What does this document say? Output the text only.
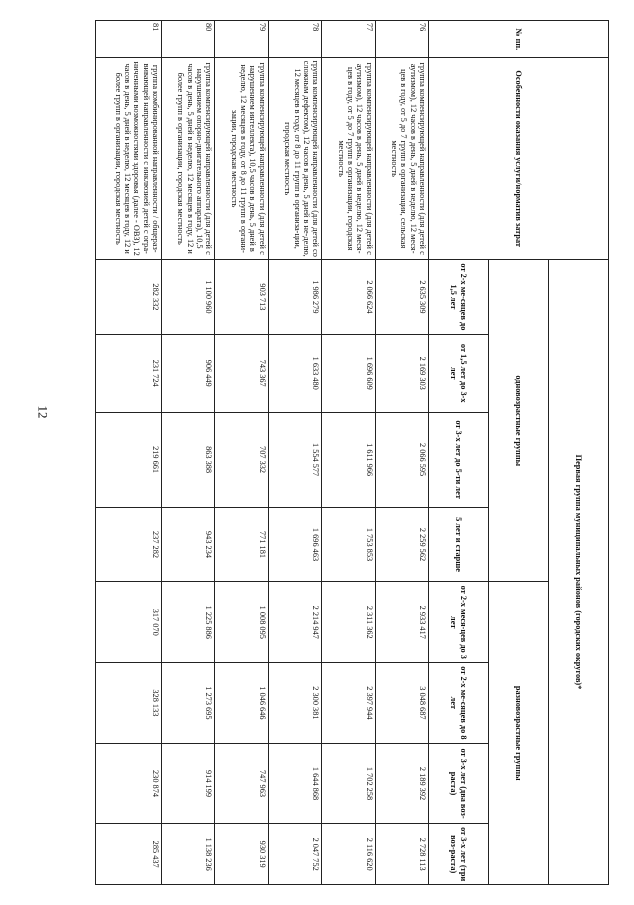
12
№ пп.	Особенности оказания услуги/норматив затрат	Первая группа муниципальных районов (городских округов)*							
		одновозрастные группы				разновозрастные группы			
		от 2-х ме-сяцев до 1,5 лет	от 1,5 лет до 3-х лет	от 3-х лет до 5-ти лет	5 лет и старше	от 2-х меся-цев до 3 лет	от 2-х ме-сяцев до 8 лет	от 3-х лет (два воз-раста)	от 3-х лет (три воз-раста)
76	группа компенсирующей направленности (для детей с аутизмом), 12 часов в день, 5 дней в неделю, 12 меся-цев в году, от 5 до 7 групп в организации, сельская местность	2 635 309	2 169 303	2 066 595	2 259 562	2 933 417	3 048 687	2 189 392	2 728 113
77	группа компенсирующей направленности (для детей с аутизмом), 12 часов в день, 5 дней в неделю, 12 меся-цев в году, от 5 до 7 групп в организации, городская местность	2 066 624	1 696 609	1 611 966	1 753 853	2 311 362	2 397 944	1 702 258	2 116 620
78	группа компенсирующей направленности (для детей со сложным дефектом), 12 часов в день, 5 дней в не-делю, 12 месяцев в году, от 8 до 11 групп в организа-ции, городская местность	1 986 279	1 633 480	1 554 577	1 696 463	2 214 947	2 300 381	1 644 868	2 047 752
79	группа компенсирующей направленности (для детей с нарушением интеллекта), 10,5 часов в день, 5 дней в неделю, 12 месяцев в году, от 8 до 11 групп в органи-зации, городская местность	903 713	743 367	707 332	771 181	1 008 095	1 046 646	747 963	930 319
80	группа компенсирующей направленности (для детей с нарушением опорно-двигательного аппарата), 10,5 часов в день, 5 дней в неделю, 12 месяцев в году, 12 и более групп в организации, городская местность	1 100 960	906 449	863 388	943 234	1 225 886	1 273 695	914 199	1 138 236
81	группа комбинированной направленности / общераз-вивающей направленности с инклюзией детей с огра-ниченными возможностями здоровья (далее - ОВЗ), 12 часов в день, 5 дней в неделю, 12 месяцев в году, 12 и более групп в организации, городская местность	282 332	231 724	219 661	237 282	317 070	328 133	230 874	285 437
